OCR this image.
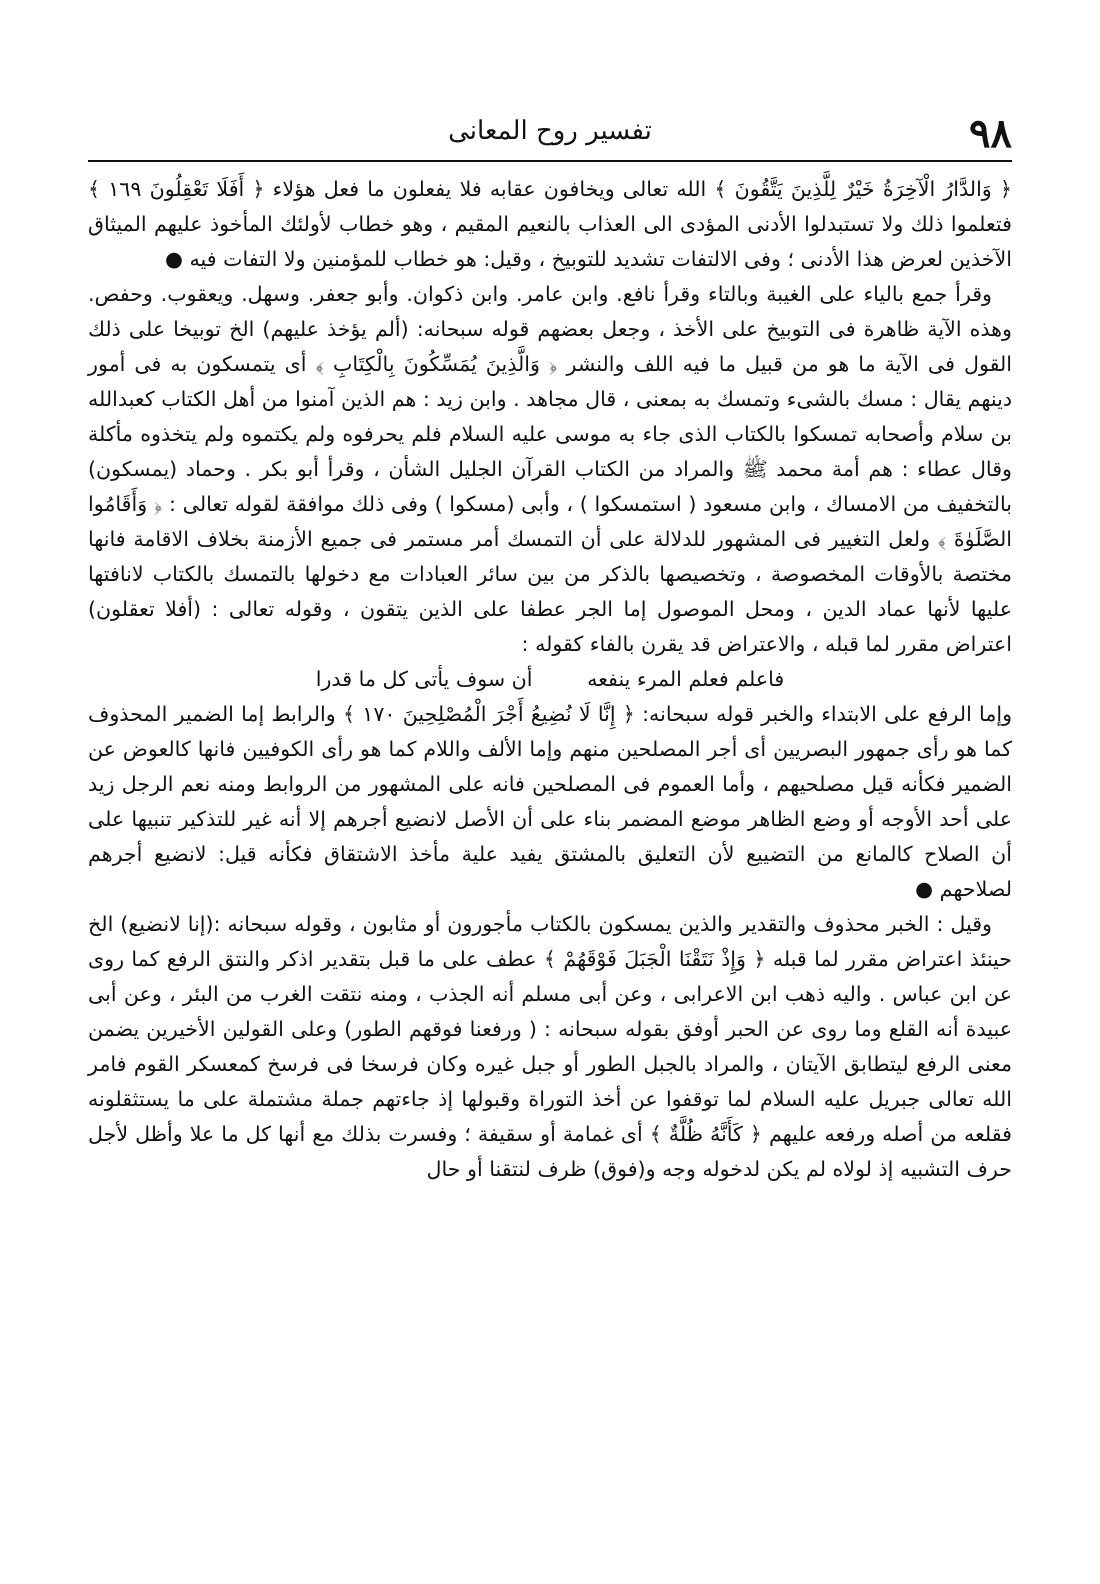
٩٨
تفسير روح المعانى

﴿ وَالدَّارُ الْآخِرَةُ خَيْرٌ لِلَّذِينَ يَتَّقُونَ ﴾ الله تعالى ويخافون عقابه فلا يفعلون ما فعل هؤلاء ﴿ أَفَلَا تَعْقِلُونَ ١٦٩ ﴾ فتعلموا ذلك ولا تستبدلوا الأدنى المؤدى الى العذاب بالنعيم المقيم ، وهو خطاب لأولئك المأخوذ عليهم الميثاق الآخذين لعرض هذا الأدنى ؛ وفى الالتفات تشديد للتوبيخ ، وقيل: هو خطاب للمؤمنين ولا التفات فيه ●

وقرأ جمع بالياء على الغيبة وبالتاء وقرأ نافع. وابن عامر. وابن ذكوان. وأبو جعفر. وسهل. ويعقوب. وحفص. وهذه الآية ظاهرة فى التوبيخ على الأخذ ، وجعل بعضهم قوله سبحانه: (ألم يؤخذ عليهم) الخ توبيخا على ذلك القول فى الآية ما هو من قبيل ما فيه اللف والنشر ﴿ وَالَّذِينَ يُمَسِّكُونَ بِالْكِتَابِ ﴾ أى يتمسكون به فى أمور دينهم يقال : مسك بالشىء وتمسك به بمعنى ، قال مجاهد . وابن زيد : هم الذين آمنوا من أهل الكتاب كعبدالله بن سلام وأصحابه تمسكوا بالكتاب الذى جاء به موسى عليه السلام فلم يحرفوه ولم يكتموه ولم يتخذوه مأكلة وقال عطاء : هم أمة محمد ﷺ والمراد من الكتاب القرآن الجليل الشأن ، وقرأ أبو بكر . وحماد (يمسكون) بالتخفيف من الامساك ، وابن مسعود ( استمسكوا ) ، وأبى (مسكوا ) وفى ذلك موافقة لقوله تعالى : ﴿ وَأَقَامُوا الصَّلَوٰةَ ﴾ ولعل التغيير فى المشهور للدلالة على أن التمسك أمر مستمر فى جميع الأزمنة بخلاف الاقامة فانها مختصة بالأوقات المخصوصة ، وتخصيصها بالذكر من بين سائر العبادات مع دخولها بالتمسك بالكتاب لانافتها عليها لأنها عماد الدين ، ومحل الموصول إما الجر عطفا على الذين يتقون ، وقوله تعالى : (أفلا تعقلون) اعتراض مقرر لما قبله ، والاعتراض قد يقرن بالفاء كقوله :

فاعلم فعلم المرء ينفعه أن سوف يأتى كل ما قدرا

وإما الرفع على الابتداء والخبر قوله سبحانه: ﴿ إِنَّا لَا نُضِيعُ أَجْرَ الْمُصْلِحِينَ ١٧٠ ﴾ والرابط إما الضمير المحذوف كما هو رأى جمهور البصريين أى أجر المصلحين منهم وإما الألف واللام كما هو رأى الكوفيين فانها كالعوض عن الضمير فكأنه قيل مصلحيهم ، وأما العموم فى المصلحين فانه على المشهور من الروابط ومنه نعم الرجل زيد على أحد الأوجه أو وضع الظاهر موضع المضمر بناء على أن الأصل لانضيع أجرهم إلا أنه غير للتذكير تنبيها على أن الصلاح كالمانع من التضييع لأن التعليق بالمشتق يفيد علية مأخذ الاشتقاق فكأنه قيل: لانضيع أجرهم لصلاحهم ●

وقيل : الخبر محذوف والتقدير والذين يمسكون بالكتاب مأجورون أو مثابون ، وقوله سبحانه :(إنا لانضيع) الخ حينئذ اعتراض مقرر لما قبله ﴿ وَإِذْ نَتَقْنَا الْجَبَلَ فَوْقَهُمْ ﴾ عطف على ما قبل بتقدير اذكر والنتق الرفع كما روى عن ابن عباس . واليه ذهب ابن الاعرابى ، وعن أبى مسلم أنه الجذب ، ومنه نتقت الغرب من البئر ، وعن أبى عبيدة أنه القلع وما روى عن الحبر أوفق بقوله سبحانه : ( ورفعنا فوقهم الطور) وعلى القولين الأخيرين يضمن معنى الرفع ليتطابق الآيتان ، والمراد بالجبل الطور أو جبل غيره وكان فرسخا فى فرسخ كمعسكر القوم فامر الله تعالى جبريل عليه السلام لما توقفوا عن أخذ التوراة وقبولها إذ جاءتهم جملة مشتملة على ما يستثقلونه فقلعه من أصله ورفعه عليهم ﴿ كَأَنَّهُ ظُلَّةٌ ﴾ أى غمامة أو سقيفة ؛ وفسرت بذلك مع أنها كل ما علا وأظل لأجل حرف التشبيه إذ لولاه لم يكن لدخوله وجه و(فوق) ظرف لنتقنا أو حال
